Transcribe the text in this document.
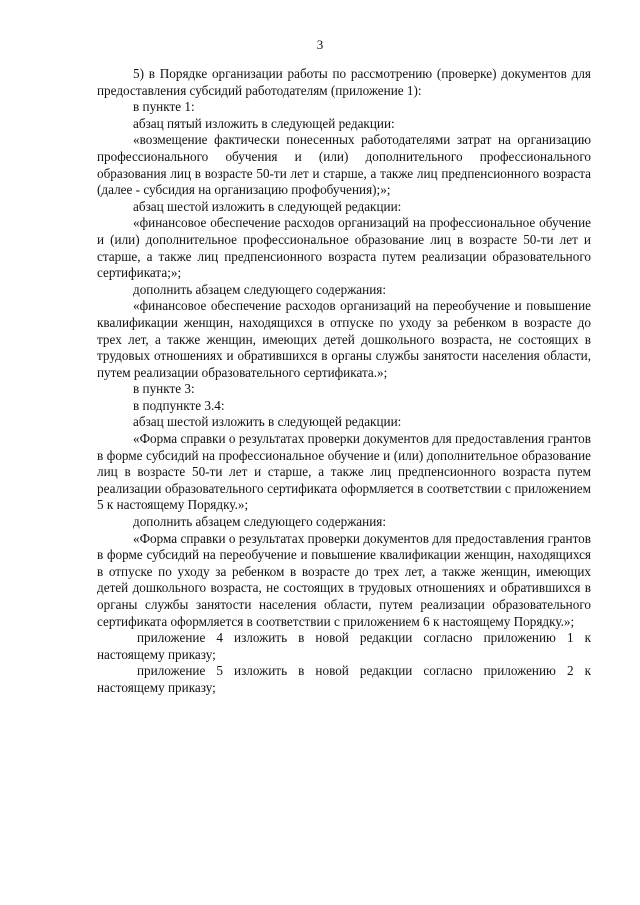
3

5) в Порядке организации работы по рассмотрению (проверке) документов для предоставления субсидий работодателям (приложение 1):

в пункте 1:

абзац пятый изложить в следующей редакции:

«возмещение фактически понесенных работодателями затрат на организацию профессионального обучения и (или) дополнительного профессионального образования лиц в возрасте 50-ти лет и старше, а также лиц предпенсионного возраста (далее - субсидия на организацию профобучения);»;

абзац шестой изложить в следующей редакции:

«финансовое обеспечение расходов организаций на профессиональное обучение и (или) дополнительное профессиональное образование лиц в возрасте 50-ти лет и старше, а также лиц предпенсионного возраста путем реализации образовательного сертификата;»;

дополнить абзацем следующего содержания:

«финансовое обеспечение расходов организаций на переобучение и повышение квалификации женщин, находящихся в отпуске по уходу за ребенком в возрасте до трех лет, а также женщин, имеющих детей дошкольного возраста, не состоящих в трудовых отношениях и обратившихся в органы службы занятости населения области, путем реализации образовательного сертификата.»;

в пункте 3:

в подпункте 3.4:

абзац шестой изложить в следующей редакции:

«Форма справки о результатах проверки документов для предоставления грантов в форме субсидий на профессиональное обучение и (или) дополнительное образование лиц в возрасте 50-ти лет и старше, а также лиц предпенсионного возраста путем реализации образовательного сертификата оформляется в соответствии с приложением 5 к настоящему Порядку.»;

дополнить абзацем следующего содержания:

«Форма справки о результатах проверки документов для предоставления грантов в форме субсидий на переобучение и повышение квалификации женщин, находящихся в отпуске по уходу за ребенком в возрасте до трех лет, а также женщин, имеющих детей дошкольного возраста, не состоящих в трудовых отношениях и обратившихся в органы службы занятости населения области, путем реализации образовательного сертификата оформляется в соответствии с приложением 6 к настоящему Порядку.»;

приложение 4 изложить в новой редакции согласно приложению 1 к настоящему приказу;

приложение 5 изложить в новой редакции согласно приложению 2 к настоящему приказу;
